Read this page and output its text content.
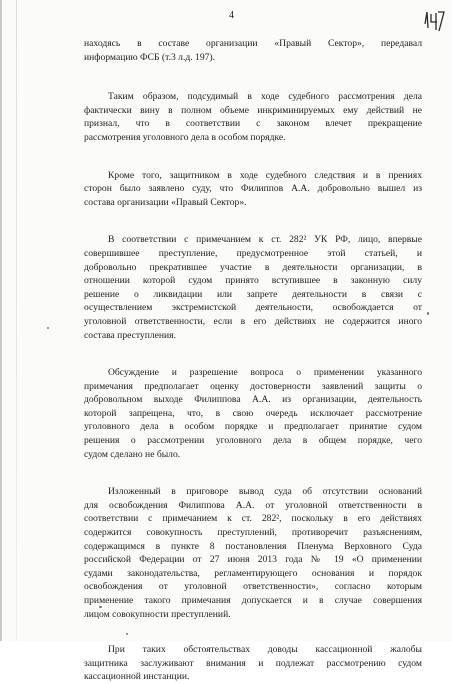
4
находясь в составе организации «Правый Сектор», передавал
информацию ФСБ (т.3 л.д. 197).
Таким образом, подсудимый в ходе судебного рассмотрения дела
фактически вину в полном объеме инкриминируемых ему действий не
признал, что в соответствии с законом влечет прекращение
рассмотрения уголовного дела в особом порядке.
Кроме того, защитником в ходе судебного следствия и в прениях
сторон было заявлено суду, что Филиппов А.А. добровольно вышел из
состава организации «Правый Сектор».
В соответствии с примечанием к ст. 282² УК РФ, лицо, впервые
совершившее преступление, предусмотренное этой статьей, и
добровольно прекратившее участие в деятельности организации, в
отношении которой судом принято вступившее в законную силу
решение о ликвидации или запрете деятельности в связи с
осуществлением экстремистской деятельности, освобождается от
уголовной ответственности, если в его действиях не содержится иного
состава преступления.
Обсуждение и разрешение вопроса о применении указанного
примечания предполагает оценку достоверности заявлений защиты о
добровольном выходе Филиппова А.А. из организации, деятельность
которой запрещена, что, в свою очередь исключает рассмотрение
уголовного дела в особом порядке и предполагает принятие судом
решения о рассмотрении уголовного дела в общем порядке, чего
судом сделано не было.
Изложенный в приговоре вывод суда об отсутствии оснований
для освобождения Филиппова А.А. от уголовной ответственности в
соответствии с примечанием к ст. 282², поскольку в его действиях
содержится совокупность преступлений, противоречит разъяснениям,
содержащимся в пункте 8 постановления Пленума Верховного Суда
российской Федерации от 27 июня 2013 года № 19 «О применении
судами законодательства, регламентирующего основания и порядок
освобождения от уголовной ответственности», согласно которым
применение такого примечания допускается и в случае совершения
лицом совокупности преступлений.
При таких обстоятельствах доводы кассационной жалобы
защитника заслуживают внимания и подлежат рассмотрению судом
кассационной инстанции.
